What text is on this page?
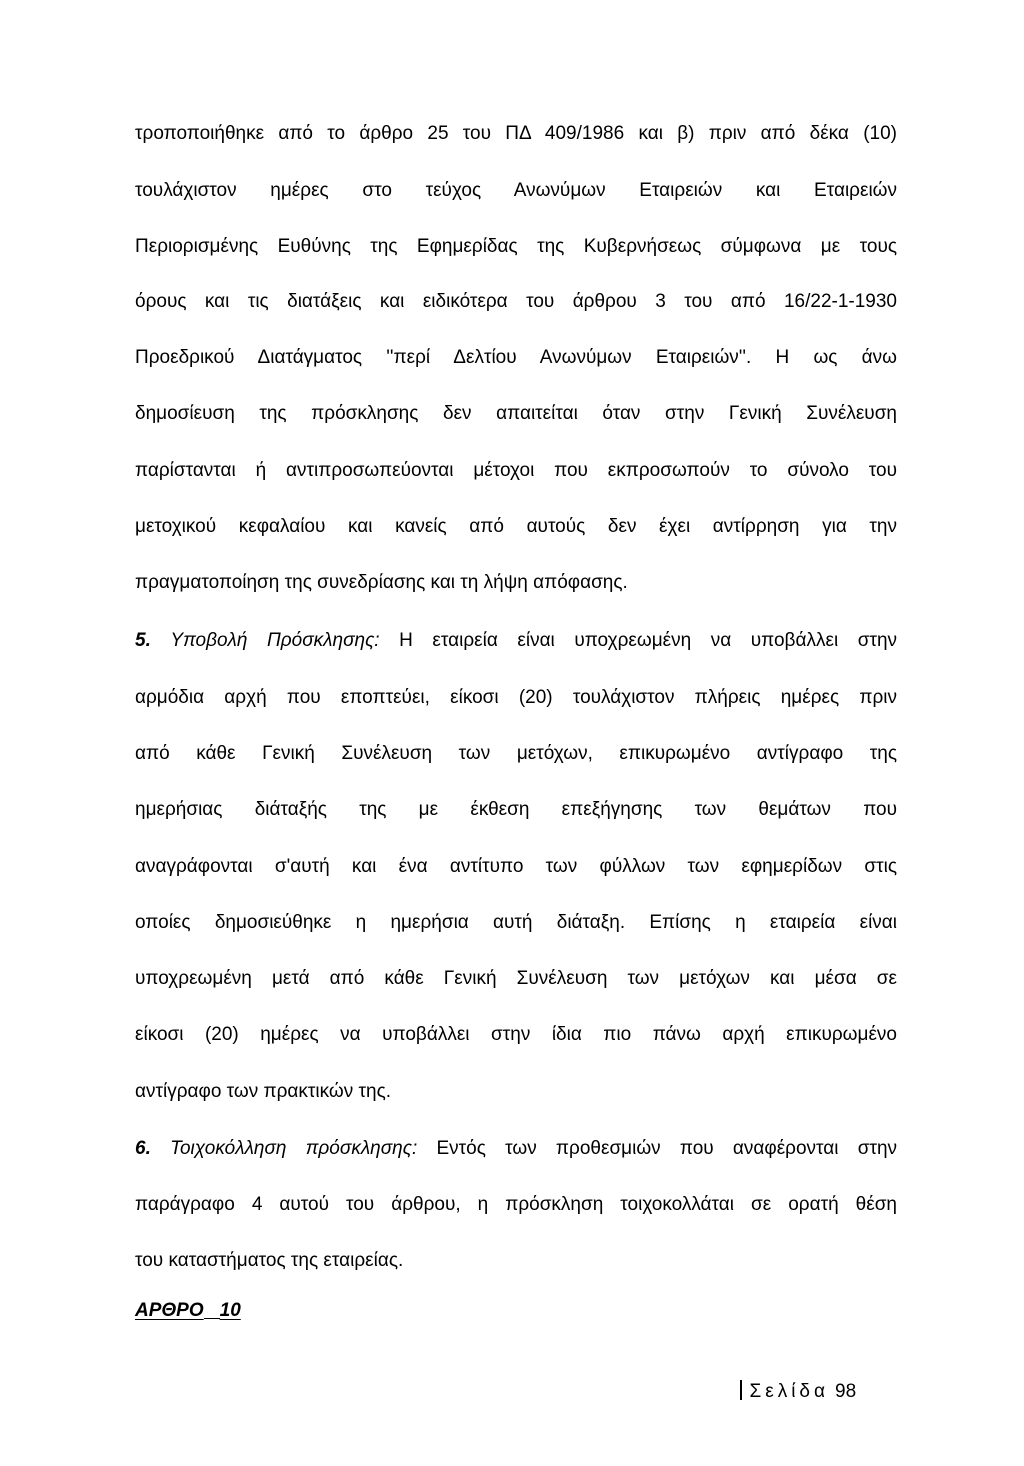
τροποποιήθηκε από το άρθρο 25 του ΠΔ 409/1986 και β) πριν από δέκα (10)
τουλάχιστον ημέρες στο τεύχος Ανωνύμων Εταιρειών και Εταιρειών
Περιορισμένης Ευθύνης της Εφημερίδας της Κυβερνήσεως σύμφωνα με τους
όρους και τις διατάξεις και ειδικότερα του άρθρου 3 του από 16/22-1-1930
Προεδρικού Διατάγματος ''περί Δελτίου Ανωνύμων Εταιρειών''. Η ως άνω
δημοσίευση της πρόσκλησης δεν απαιτείται όταν στην Γενική Συνέλευση
παρίστανται ή αντιπροσωπεύονται μέτοχοι που εκπροσωπούν το σύνολο του
μετοχικού κεφαλαίου και κανείς από αυτούς δεν έχει αντίρρηση για την
πραγματοποίηση της συνεδρίασης και τη λήψη απόφασης.
5. Υποβολή Πρόσκλησης: Η εταιρεία είναι υποχρεωμένη να υποβάλλει στην
αρμόδια αρχή που εποπτεύει, είκοσι (20) τουλάχιστον πλήρεις ημέρες πριν
από κάθε Γενική Συνέλευση των μετόχων, επικυρωμένο αντίγραφο της
ημερήσιας διάταξής της με έκθεση επεξήγησης των θεμάτων που
αναγράφονται σ'αυτή και ένα αντίτυπο των φύλλων των εφημερίδων στις
οποίες δημοσιεύθηκε η ημερήσια αυτή διάταξη. Επίσης η εταιρεία είναι
υποχρεωμένη μετά από κάθε Γενική Συνέλευση των μετόχων και μέσα σε
είκοσι (20) ημέρες να υποβάλλει στην ίδια πιο πάνω αρχή επικυρωμένο
αντίγραφο των πρακτικών της.
6. Τοιχοκόλληση πρόσκλησης: Εντός των προθεσμιών που αναφέρονται στην
παράγραφο 4 αυτού του άρθρου, η πρόσκληση τοιχοκολλάται σε ορατή θέση
του καταστήματος της εταιρείας.
ΑΡΘΡΟ 10
Σελίδα 98
